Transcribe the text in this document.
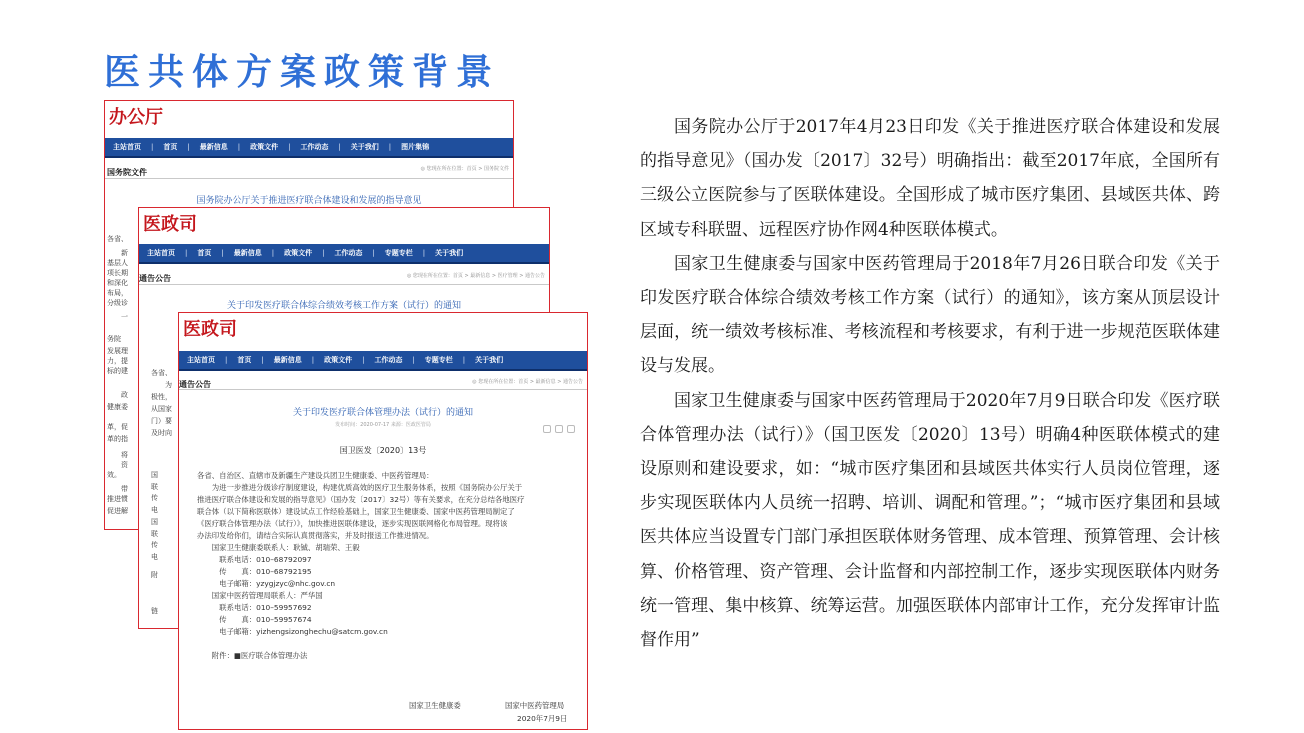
医共体方案政策背景
办公厅
主站首页 | 首页 | 最新信息 | 政策文件 | 工作动态 | 关于我们 | 图片集锦
国务院文件	◎ 您现在所在位置：首页 > 国务院文件
国务院办公厅关于推进医疗联合体建设和发展的指导意见
各省、
新
基层人
项长期
和深化
布局，
分级诊
一
务院
发展理
力，提
标的建
政
健康委
革，促
革的指
将
资
效。
带
推进惯
促进解
医政司
主站首页 | 首页 | 最新信息 | 政策文件 | 工作动态 | 专题专栏 | 关于我们
通告公告	◎ 您现在所在位置：首页 > 最新信息 > 医疗管理 > 通告公告
关于印发医疗联合体综合绩效考核工作方案（试行）的通知
各省、
为
极性，
从国家
门）要
及时向
国
联
传
电
国
联
传
电
附
链
医政司
主站首页 | 首页 | 最新信息 | 政策文件 | 工作动态 | 专题专栏 | 关于我们
通告公告	◎ 您现在所在位置：首页 > 最新信息 > 通告公告
关于印发医疗联合体管理办法（试行）的通知
发布时间：2020-07-17 来源：医政医管局
国卫医发〔2020〕13号

各省、自治区、直辖市及新疆生产建设兵团卫生健康委、中医药管理局：

　　为进一步推进分级诊疗制度建设，构建优质高效的医疗卫生服务体系，按照《国务院办公厅关于

推进医疗联合体建设和发展的指导意见》（国办发〔2017〕32号）等有关要求，在充分总结各地医疗

联合体（以下简称医联体）建设试点工作经验基础上，国家卫生健康委、国家中医药管理局制定了

《医疗联合体管理办法（试行）》，加快推进医联体建设，逐步实现医联网格化布局管理。现将该

办法印发给你们，请结合实际认真贯彻落实，并及时报送工作推进情况。

　　国家卫生健康委联系人：耿铖、胡瑞荣、王毅

　　　联系电话：010–68792097

　　　传　　真：010–68792195

　　　电子邮箱：yzygjzyc@nhc.gov.cn

　　国家中医药管理局联系人：严华国

　　　联系电话：010–59957692

　　　传　　真：010–59957674

　　　电子邮箱：yizhengsizonghechu@satcm.gov.cn

　　附件：■医疗联合体管理办法

国家卫生健康委	国家中医药管理局
2020年7月9日

国务院办公厅于2017年4月23日印发《关于推进医疗联合体建设和发展的指导意见》（国办发〔2017〕32号）明确指出：截至2017年底，全国所有三级公立医院参与了医联体建设。全国形成了城市医疗集团、县域医共体、跨区域专科联盟、远程医疗协作网4种医联体模式。

国家卫生健康委与国家中医药管理局于2018年7月26日联合印发《关于印发医疗联合体综合绩效考核工作方案（试行）的通知》，该方案从顶层设计层面，统一绩效考核标准、考核流程和考核要求，有利于进一步规范医联体建设与发展。

国家卫生健康委与国家中医药管理局于2020年7月9日联合印发《医疗联合体管理办法（试行）》（国卫医发〔2020〕13号）明确4种医联体模式的建设原则和建设要求，如：“城市医疗集团和县域医共体实行人员岗位管理，逐步实现医联体内人员统一招聘、培训、调配和管理。”；“城市医疗集团和县域医共体应当设置专门部门承担医联体财务管理、成本管理、预算管理、会计核算、价格管理、资产管理、会计监督和内部控制工作，逐步实现医联体内财务统一管理、集中核算、统筹运营。加强医联体内部审计工作，充分发挥审计监督作用”
